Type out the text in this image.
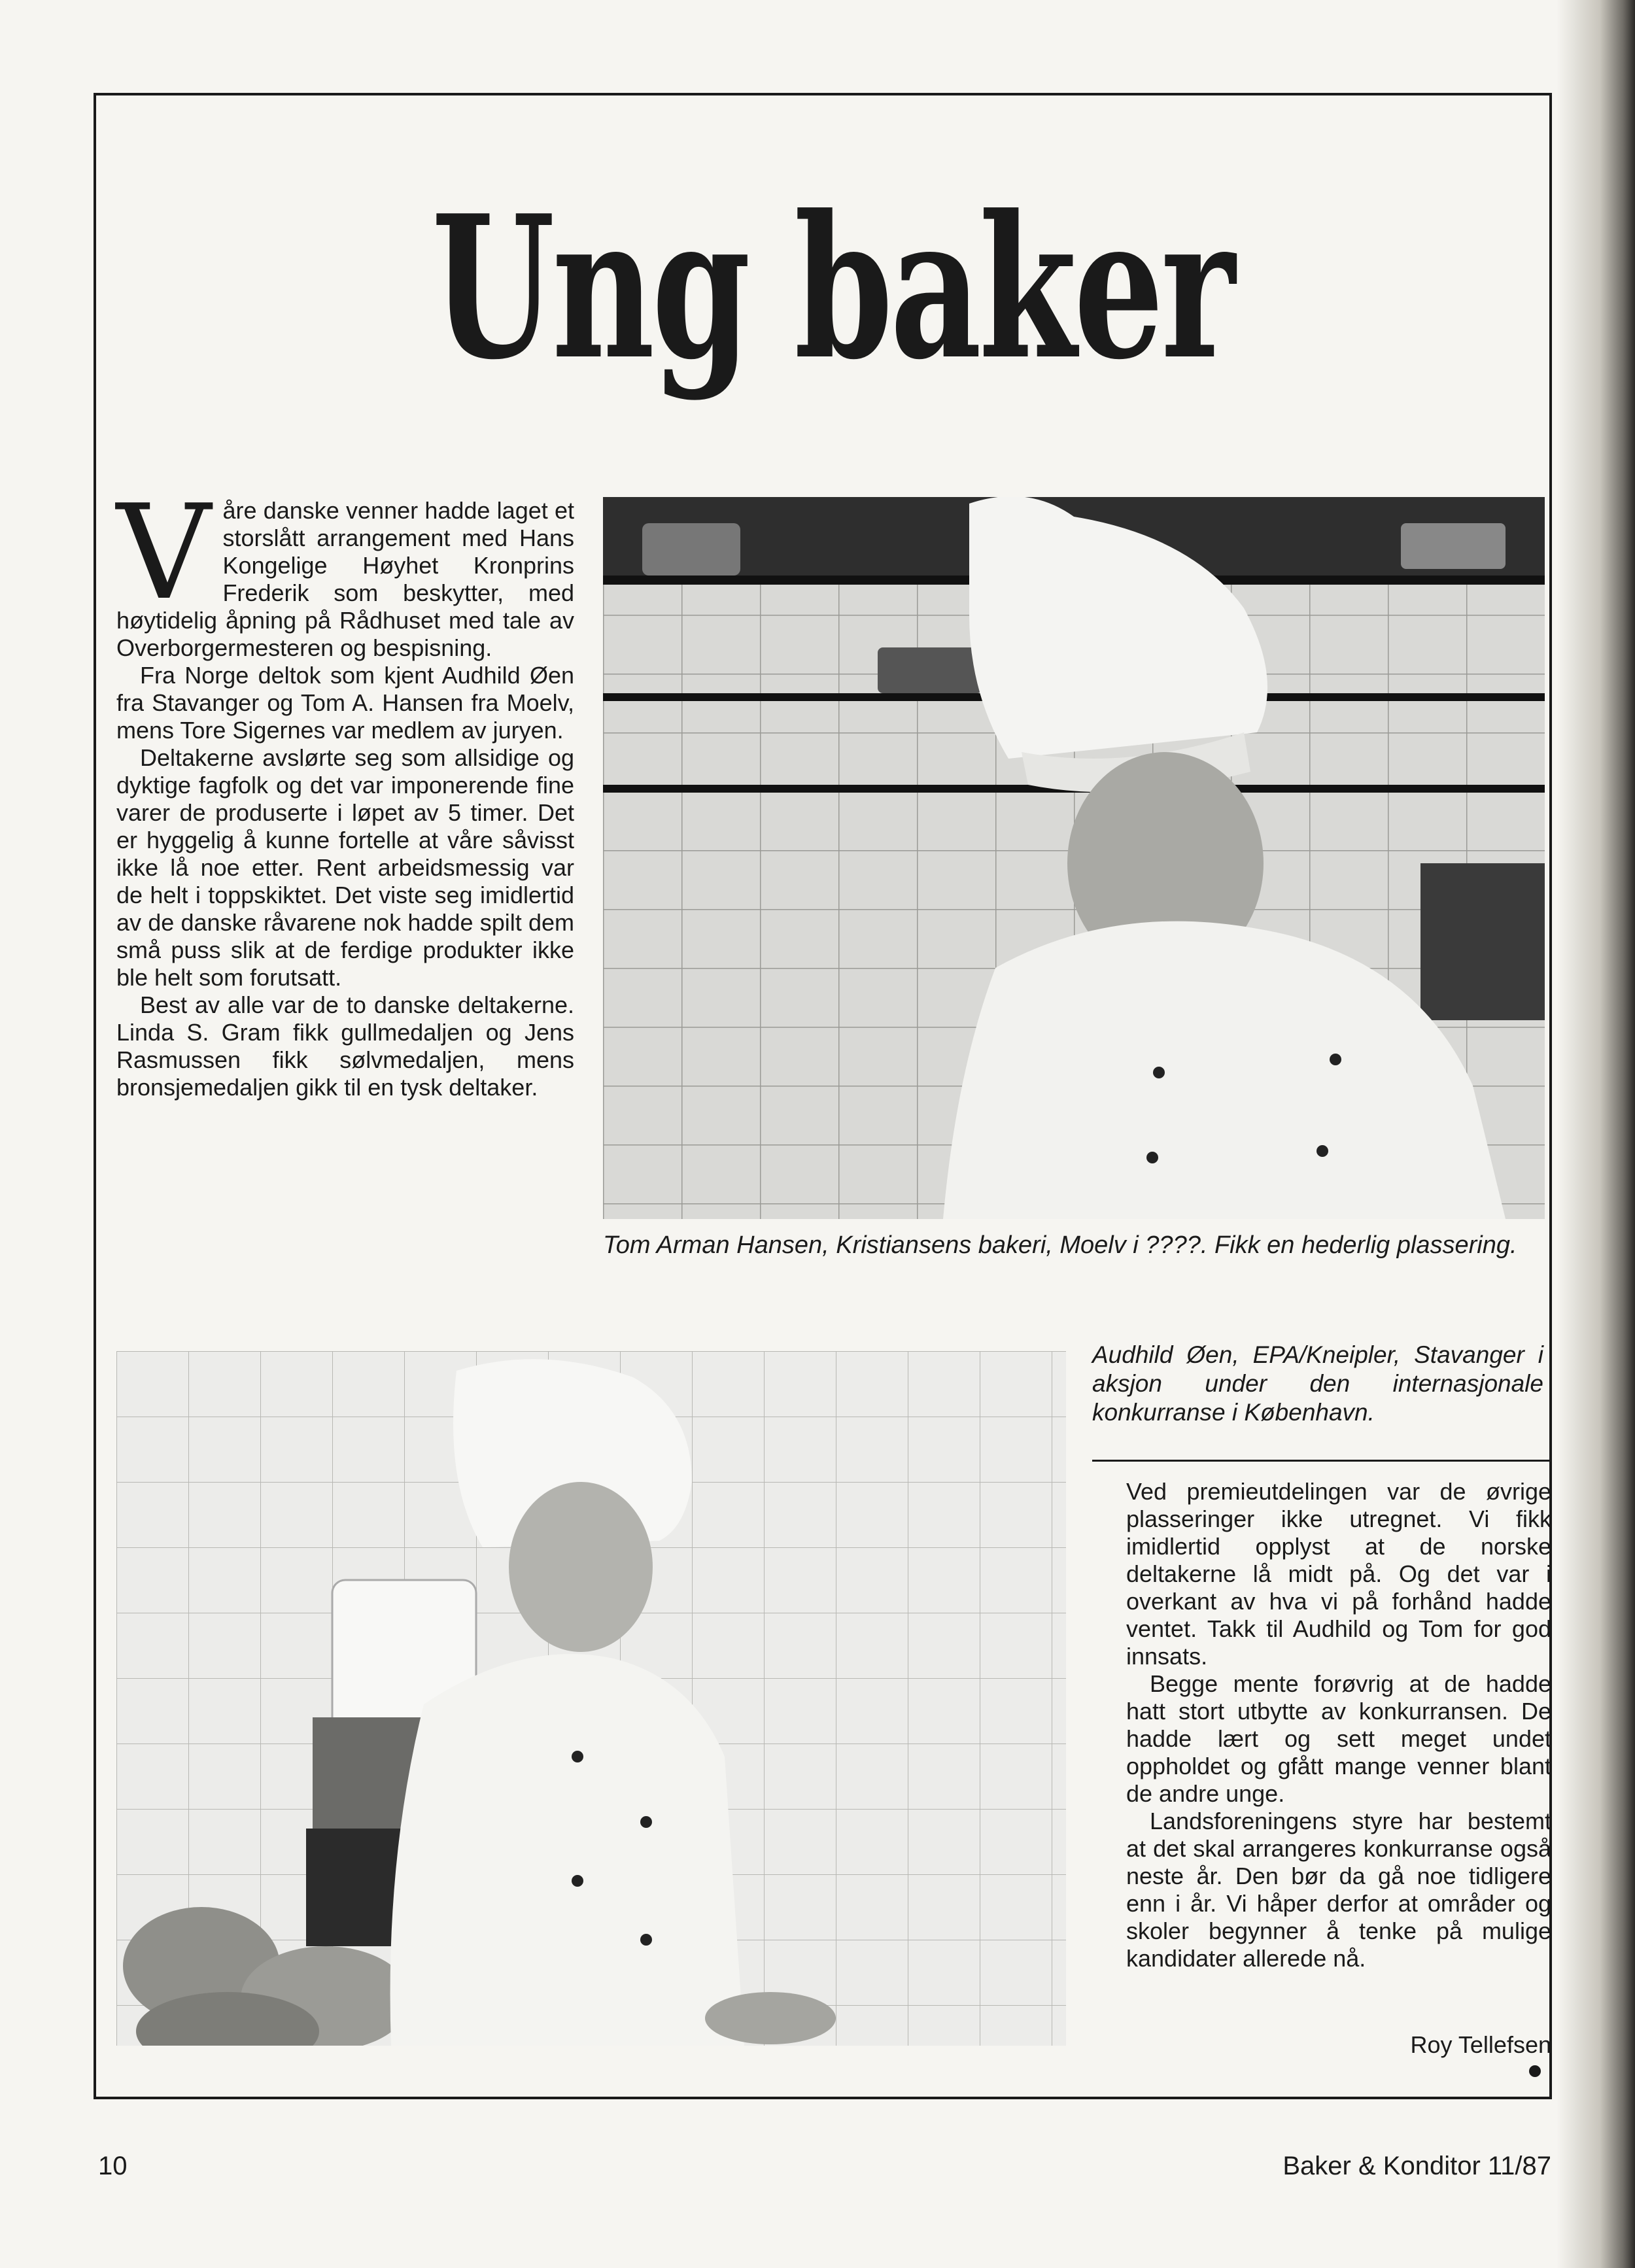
Ung baker

Våre danske venner hadde laget et storslått arrangement med Hans Kongelige Høyhet Kronprins Frederik som beskytter, med høytidelig åpning på Rådhuset med tale av Overborgermesteren og bespisning.

Fra Norge deltok som kjent Audhild Øen fra Stavanger og Tom A. Hansen fra Moelv, mens Tore Sigernes var medlem av juryen.

Deltakerne avslørte seg som allsidige og dyktige fagfolk og det var imponerende fine varer de produserte i løpet av 5 timer. Det er hyggelig å kunne fortelle at våre såvisst ikke lå noe etter. Rent arbeidsmessig var de helt i toppskiktet. Det viste seg imidlertid av de danske råvarene nok hadde spilt dem små puss slik at de ferdige produkter ikke ble helt som forutsatt.

Best av alle var de to danske deltakerne. Linda S. Gram fikk gullmedaljen og Jens Rasmussen fikk sølvmedaljen, mens bronsjemedaljen gikk til en tysk deltaker.

Tom Arman Hansen, Kristiansens bakeri, Moelv i ????. Fikk en hederlig plassering.
Audhild Øen, EPA/Kneipler, Stavanger i aksjon under den internasjonale konkurranse i København.

Ved premieutdelingen var de øvrige plasseringer ikke utregnet. Vi fikk imidlertid opplyst at de norske deltakerne lå midt på. Og det var i overkant av hva vi på forhånd hadde ventet. Takk til Audhild og Tom for god innsats.

Begge mente forøvrig at de hadde hatt stort utbytte av konkurransen. De hadde lært og sett meget undet oppholdet og gfått mange venner blant de andre unge.

Landsforeningens styre har bestemt at det skal arrangeres konkurranse også neste år. Den bør da gå noe tidligere enn i år. Vi håper derfor at områder og skoler begynner å tenke på mulige kandidater allerede nå.

Roy Tellefsen
10	Baker & Konditor 11/87
